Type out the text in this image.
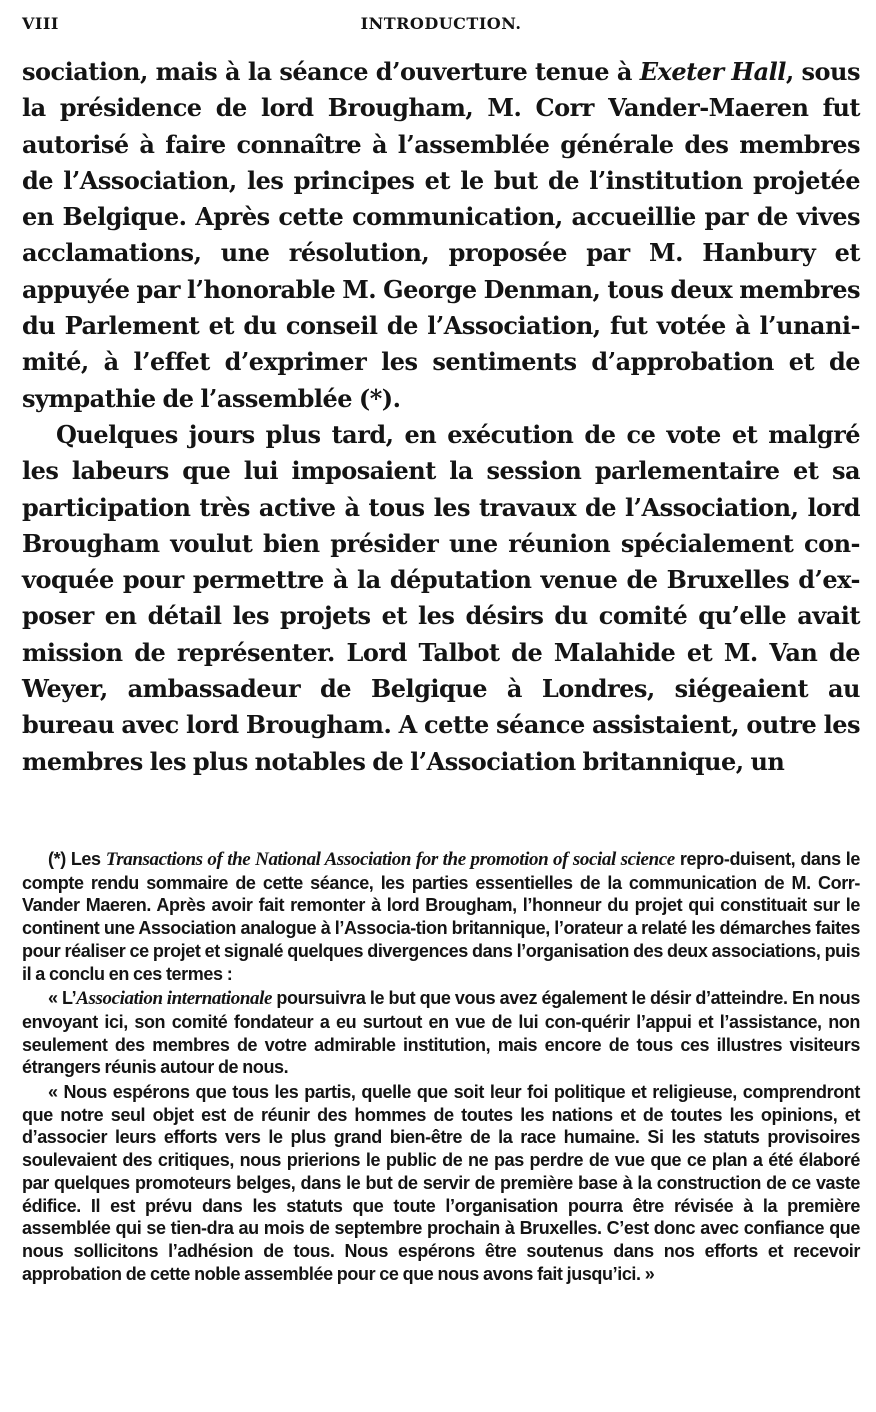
VIII	INTRODUCTION.

sociation, mais à la séance d’ouverture tenue à Exeter Hall, sous la présidence de lord Brougham, M. Corr Vander-Maeren fut autorisé à faire connaître à l’assemblée générale des membres de l’Association, les principes et le but de l’institution projetée en Belgique. Après cette communication, accueillie par de vives acclamations, une résolution, proposée par M. Hanbury et appuyée par l’honorable M. George Denman, tous deux membres du Parlement et du conseil de l’Association, fut votée à l’unani-mité, à l’effet d’exprimer les sentiments d’approbation et de sympathie de l’assemblée (*).

Quelques jours plus tard, en exécution de ce vote et malgré les labeurs que lui imposaient la session parlementaire et sa participation très active à tous les travaux de l’Association, lord Brougham voulut bien présider une réunion spécialement con-voquée pour permettre à la députation venue de Bruxelles d’ex-poser en détail les projets et les désirs du comité qu’elle avait mission de représenter. Lord Talbot de Malahide et M. Van de Weyer, ambassadeur de Belgique à Londres, siégeaient au bureau avec lord Brougham. A cette séance assistaient, outre les membres les plus notables de l’Association britannique, un

(*) Les Transactions of the National Association for the promotion of social science repro-duisent, dans le compte rendu sommaire de cette séance, les parties essentielles de la communication de M. Corr-Vander Maeren. Après avoir fait remonter à lord Brougham, l’honneur du projet qui constituait sur le continent une Association analogue à l’Associa-tion britannique, l’orateur a relaté les démarches faites pour réaliser ce projet et signalé quelques divergences dans l’organisation des deux associations, puis il a conclu en ces termes :

« L’Association internationale poursuivra le but que vous avez également le désir d’atteindre. En nous envoyant ici, son comité fondateur a eu surtout en vue de lui con-quérir l’appui et l’assistance, non seulement des membres de votre admirable institution, mais encore de tous ces illustres visiteurs étrangers réunis autour de nous.

« Nous espérons que tous les partis, quelle que soit leur foi politique et religieuse, comprendront que notre seul objet est de réunir des hommes de toutes les nations et de toutes les opinions, et d’associer leurs efforts vers le plus grand bien-être de la race humaine. Si les statuts provisoires soulevaient des critiques, nous prierions le public de ne pas perdre de vue que ce plan a été élaboré par quelques promoteurs belges, dans le but de servir de première base à la construction de ce vaste édifice. Il est prévu dans les statuts que toute l’organisation pourra être révisée à la première assemblée qui se tien-dra au mois de septembre prochain à Bruxelles. C’est donc avec confiance que nous sollicitons l’adhésion de tous. Nous espérons être soutenus dans nos efforts et recevoir approbation de cette noble assemblée pour ce que nous avons fait jusqu’ici. »
